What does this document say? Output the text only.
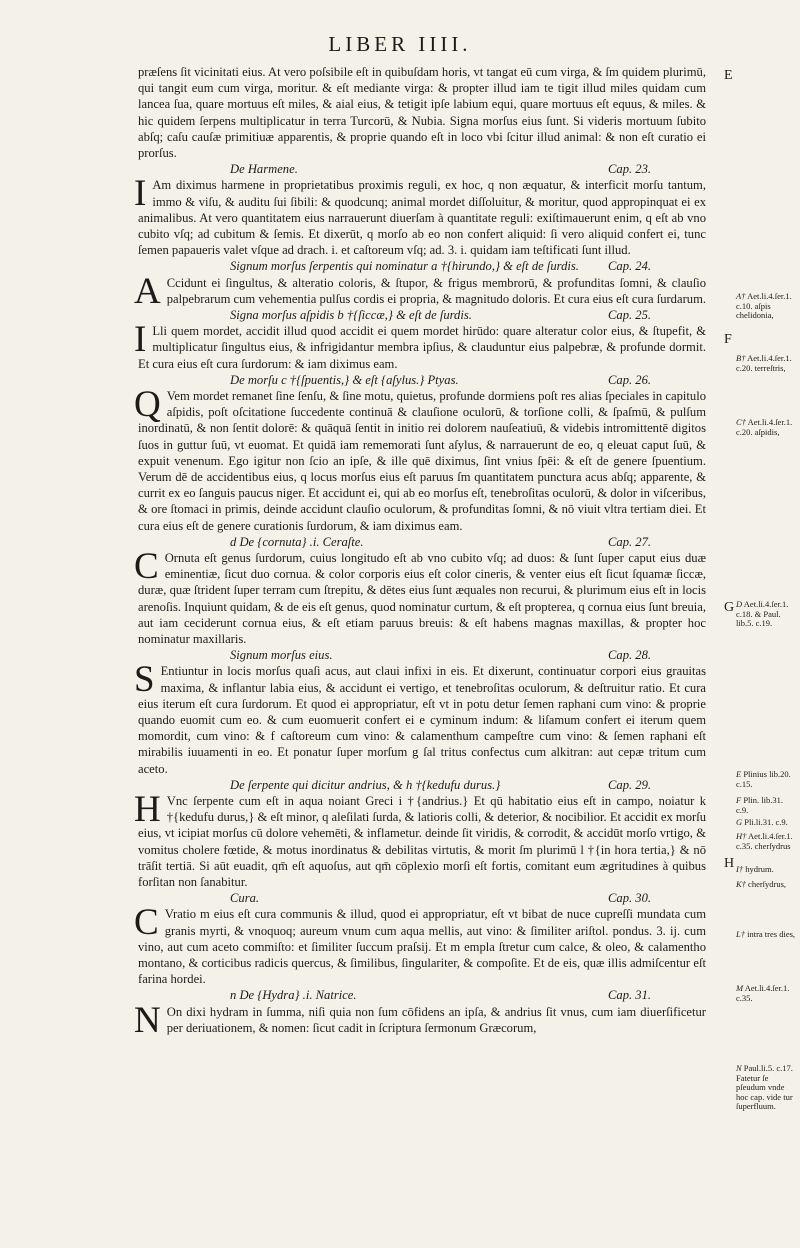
LIBER IIII.

præſens ſit vicinitati eius. At vero poſsibile eſt in quibuſdam horis, vt tangat eū cum virga, & ſm quidem plurimū, qui tangit eum cum virga, moritur. & eſt mediante virga: & propter illud iam te tigit illud miles quidam cum lancea ſua, quare mortuus eſt miles, & aial eius, & tetigit ipſe labium equi, quare mortuus eſt equus, & miles. & hic quidem ſerpens multiplicatur in terra Turcorū, & Nubia. Signa morſus eius ſunt. Si videris mortuum ſubito abſq; caſu cauſæ primitiuæ apparentis, & proprie quando eſt in loco vbi ſcitur illud animal: & non eſt curatio ei prorſus.

De Harmene.	Cap. 23.

I Am diximus harmene in proprietatibus proximis reguli, ex hoc, q non æquatur, & interficit morſu tantum, immo & viſu, & auditu ſui ſibili: & quodcunq; animal mordet diſſoluitur, & moritur, quod appropinquat ei ex animalibus. At vero quantitatem eius narrauerunt diuerſam à quantitate reguli: exiſtimauerunt enim, q eſt ab vno cubito vſq; ad cubitum & ſemis. Et dixerūt, q morſo ab eo non confert aliquid: ſi vero aliquid confert ei, tunc ſemen papaueris valet vſque ad drach. i. et caſtoreum vſq; ad. 3. i. quidam iam teſtificati ſunt illud.

Signum morſus ſerpentis qui nominatur a †{hirundo,} & eſt de ſurdis. Cap. 24.

A Ccidunt ei ſingultus, & alteratio coloris, & ſtupor, & frigus membrorū, & profunditas ſomni, & clauſio palpebrarum cum vehementia pulſus cordis ei propria, & magnitudo doloris. Et cura eius eſt cura ſurdarum.

Signa morſus aſpidis b †{ſiccæ,} & eſt de ſurdis.	Cap. 25.

I Lli quem mordet, accidit illud quod accidit ei quem mordet hirūdo: quare alteratur color eius, & ſtupefit, & multiplicatur ſingultus eius, & infrigidantur membra ipſius, & clauduntur eius palpebræ, & profunde dormit. Et cura eius eſt cura ſurdorum: & iam diximus eam.

De morſu c †{ſpuentis,} & eſt {aſylus.} Ptyas.	Cap. 26.

Q Vem mordet remanet ſine ſenſu, & ſine motu, quietus, profunde dormiens poſt res alias ſpeciales in capitulo aſpidis, poſt oſcitatione ſuccedente continuā & clauſione oculorū, & torſione colli, & ſpaſmū, & pulſum inordinatū, & non ſentit dolorē: & quāquā ſentit in initio rei dolorem nauſeatiuū, & videbis intromittentē digitos ſuos in guttur ſuū, vt euomat. Et quidā iam rememorati ſunt aſylus, & narrauerunt de eo, q eleuat caput ſuū, & expuit venenum. Ego igitur non ſcio an ipſe, & ille quē diximus, ſint vnius ſpēi: & eſt de genere ſpuentium. Verum dē de accidentibus eius, q locus morſus eius eſt paruus ſm quantitatem punctura acus abſq; apparente, & currit ex eo ſanguis paucus niger. Et accidunt ei, qui ab eo morſus eſt, tenebroſitas oculorū, & dolor in viſceribus, & ore ſtomaci in primis, deinde accidunt clauſio oculorum, & profunditas ſomni, & nō viuit vltra tertiam diei. Et cura eius eſt de genere curationis ſurdorum, & iam diximus eam.

d De {cornuta} .i. Ceraſte.	Cap. 27.

C Ornuta eſt genus ſurdorum, cuius longitudo eſt ab vno cubito vſq; ad duos: & ſunt ſuper caput eius duæ eminentiæ, ſicut duo cornua. & color corporis eius eſt color cineris, & venter eius eſt ſicut ſquamæ ſiccæ, duræ, quæ ſtrident ſuper terram cum ſtrepitu, & dētes eius ſunt æquales non recurui, & plurimum eius eſt in locis arenoſis. Inquiunt quidam, & de eis eſt genus, quod nominatur curtum, & eſt propterea, q cornua eius ſunt breuia, aut iam ceciderunt cornua eius, & eſt etiam paruus breuis: & eſt habens magnas maxillas, & propter hoc nominatur maxillaris.

Signum morſus eius.	Cap. 28.

S Entiuntur in locis morſus quaſi acus, aut claui infixi in eis. Et dixerunt, continuatur corpori eius grauitas maxima, & inflantur labia eius, & accidunt ei vertigo, et tenebroſitas oculorum, & deſtruitur ratio. Et cura eius iterum eſt cura ſurdorum. Et quod ei appropriatur, eſt vt in potu detur ſemen raphani cum vino: & proprie quando euomit cum eo. & cum euomuerit confert ei e cyminum indum: & liſamum confert ei iterum quem momordit, cum vino: & f caſtoreum cum vino: & calamenthum campeſtre cum vino: & ſemen raphani eſt mirabilis iuuamenti in eo. Et ponatur ſuper morſum g ſal tritus confectus cum alkitran: aut cepæ tritum cum aceto.

De ſerpente qui dicitur andrius, & h †{kedufu durus.}	Cap. 29.

H Vnc ſerpente cum eſt in aqua noiant Greci i †{andrius.} Et qū habitatio eius eſt in campo, noiatur k †{kedufu durus,} & eſt minor, q aleſilati ſurda, & latioris colli, & deterior, & nocibilior. Et accidit ex morſu eius, vt icipiat morſus cū dolore vehemēti, & inflametur. deinde ſit viridis, & corrodit, & accidūt morſo vrtigo, & vomitus cholere fœtide, & motus inordinatus & debilitas virtutis, & morit ſm plurimū l †{in hora tertia,} & nō trāſit tertiā. Si aūt euadit, qm̄ eſt aquoſus, aut qm̄ cōplexio morſi eſt fortis, comitant eum ægritudines à quibus forſitan non ſanabitur.

Cura.	Cap. 30.

C Vratio m eius eſt cura communis & illud, quod ei appropriatur, eſt vt bibat de nuce cupreſſi mundata cum granis myrti, & vnoquoq; aureum vnum cum aqua mellis, aut vino: & ſimiliter ariſtol. pondus. 3. ij. cum vino, aut cum aceto commiſto: et ſimiliter ſuccum praſsij. Et m empla ſtretur cum calce, & oleo, & calamentho montano, & corticibus radicis quercus, & ſimilibus, ſingulariter, & compoſite. Et de eis, quæ illis admiſcentur eſt farina hordei.

n De {Hydra} .i. Natrice.	Cap. 31.

N On dixi hydram in ſumma, niſi quia non ſum cōfidens an ipſa, & andrius ſit vnus, cum iam diuerſificetur per deriuationem, & nomen: ſicut cadit in ſcriptura ſermonum Græcorum,

E
F
G
H
A† Aet.li.4.ſer.1. c.10. aſpis chelidonia,
B† Aet.li.4.ſer.1. c.20. terreſtris,
C† Aet.li.4.ſer.1. c.20. aſpidis,
D Aet.li.4.ſer.1. c.18. & Paul. lib.5. c.19.
E Plinius lib.20. c.15.
F Plin. lib.31. c.9.
G Pli.li.31. c.9.
H† Aet.li.4.ſer.1. c.35. cherſydrus
I† hydrum.
K† cherſydrus,
L† intra tres dies,
M Aet.li.4.ſer.1. c.35.
N Paul.li.5. c.17. Fatetur ſe pſeudum vnde hoc cap. vide tur ſuperfluum.
